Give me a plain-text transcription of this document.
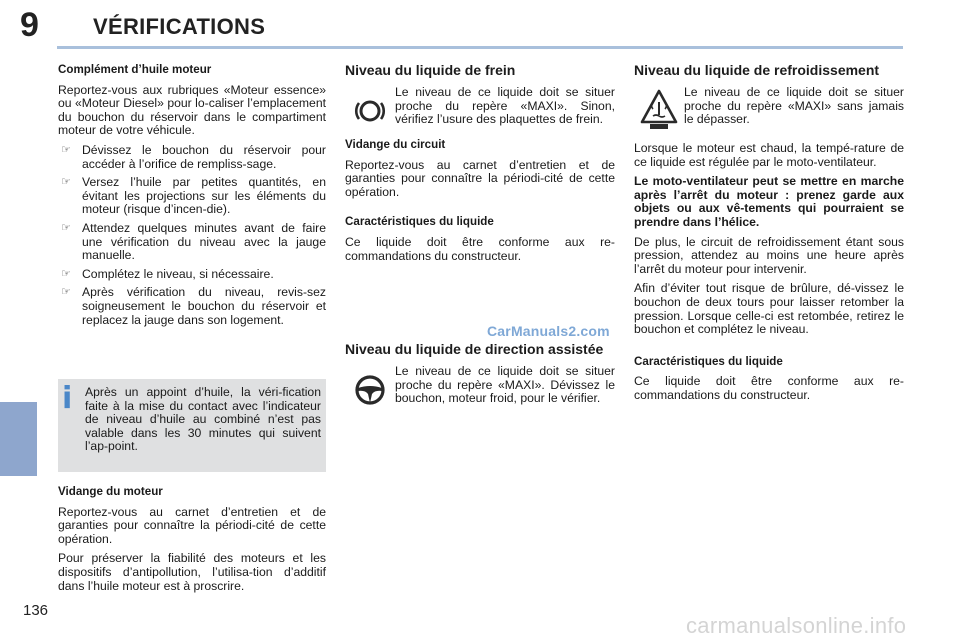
9 VÉRIFICATIONS
136
Complément d’huile moteur

Reportez-vous aux rubriques «Moteur essence» ou «Moteur Diesel» pour lo-caliser l’emplacement du bouchon du réservoir dans le compartiment moteur de votre véhicule.

☞ Dévissez le bouchon du réservoir pour accéder à l’orifice de rempliss-sage.
☞ Versez l’huile par petites quantités, en évitant les projections sur les éléments du moteur (risque d’incen-die).
☞ Attendez quelques minutes avant de faire une vérification du niveau avec la jauge manuelle.
☞ Complétez le niveau, si nécessaire.
☞ Après vérification du niveau, revis-sez soigneusement le bouchon du réservoir et replacez la jauge dans son logement.
i	Après un appoint d’huile, la véri-fication faite à la mise du contact avec l’indicateur de niveau d’huile au combiné n’est pas valable dans les 30 minutes qui suivent l’ap-point.
Vidange du moteur

Reportez-vous au carnet d’entretien et de garanties pour connaître la périodi-cité de cette opération.

Pour préserver la fiabilité des moteurs et les dispositifs d’antipollution, l’utilisa-tion d’additif dans l’huile moteur est à proscrire.

Niveau du liquide de frein
Le niveau de ce liquide doit se situer proche du repère «MAXI». Sinon, vérifiez l’usure des plaquettes de frein.
Vidange du circuit

Reportez-vous au carnet d’entretien et de garanties pour connaître la périodi-cité de cette opération.

Caractéristiques du liquide

Ce liquide doit être conforme aux re-commandations du constructeur.

Niveau du liquide de direction assistée
Le niveau de ce liquide doit se situer proche du repère «MAXI». Dévissez le bouchon, moteur froid, pour le vérifier.
Niveau du liquide de refroidissement
Le niveau de ce liquide doit se situer proche du repère «MAXI» sans jamais le dépasser.

Lorsque le moteur est chaud, la tempé-rature de ce liquide est régulée par le moto-ventilateur.

Le moto-ventilateur peut se mettre en marche après l’arrêt du moteur : prenez garde aux objets ou aux vê-tements qui pourraient se prendre dans l’hélice.

De plus, le circuit de refroidissement étant sous pression, attendez au moins une heure après l’arrêt du moteur pour intervenir.

Afin d’éviter tout risque de brûlure, dé-vissez le bouchon de deux tours pour laisser retomber la pression. Lorsque celle-ci est retombée, retirez le bouchon et complétez le niveau.

Caractéristiques du liquide

Ce liquide doit être conforme aux re-commandations du constructeur.

CarManuals2.com
carmanualsonline.info
